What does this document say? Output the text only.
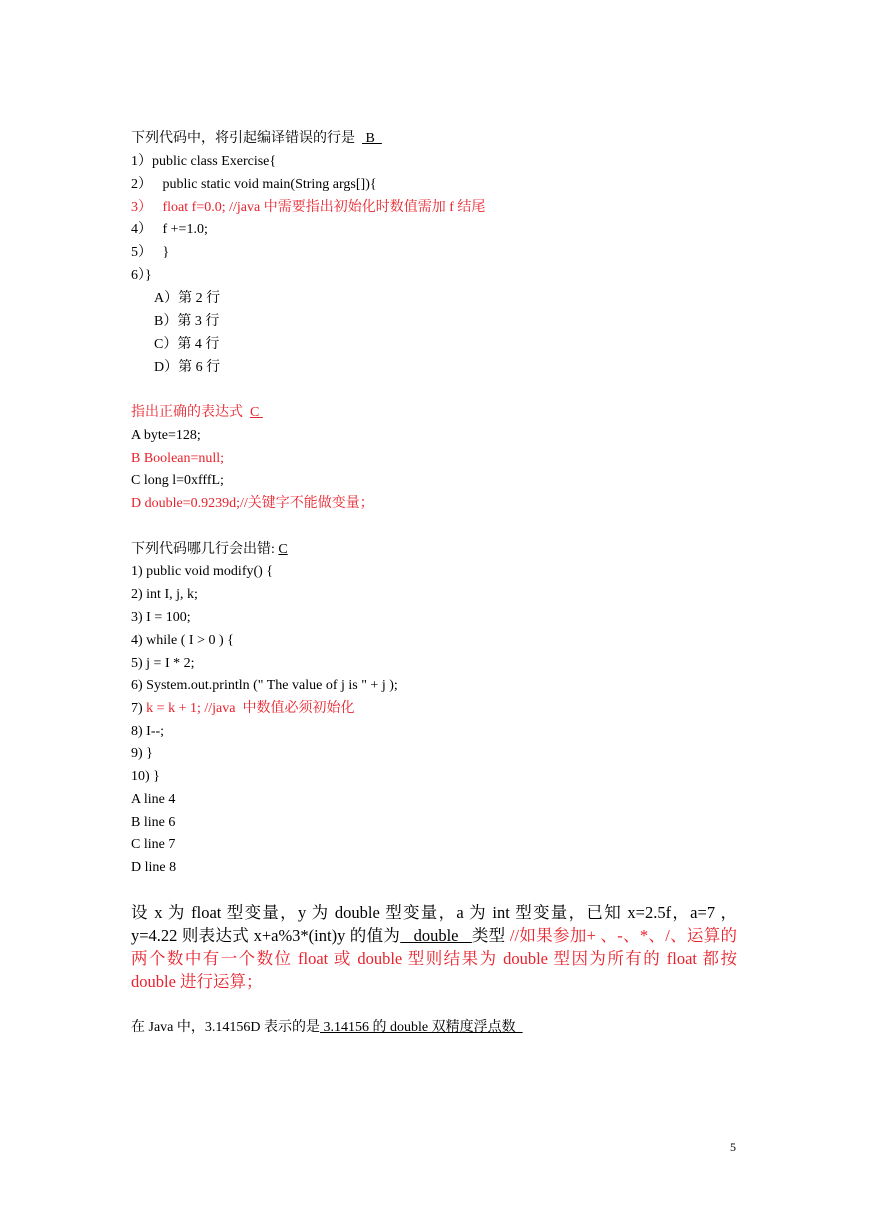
下列代码中，将引起编译错误的行是   B
1）public class Exercise{
2）   public static void main(String args[]){
3）   float f=0.0; //java 中需要指出初始化时数值需加 f 结尾
4）   f +=1.0;
5）   }
6）}
A）第 2 行
B）第 3 行
C）第 4 行
D）第 6 行
指出正确的表达式 C
A byte=128;
B Boolean=null;
C long l=0xfffL;
D double=0.9239d;//关键字不能做变量；
下列代码哪几行会出错: C
1) public void modify() {
2) int I, j, k;
3) I = 100;
4) while ( I > 0 ) {
5) j = I * 2;
6) System.out.println (" The value of j is " + j );
7) k = k + 1; //java  中数值必须初始化
8) I--;
9) }
10) }
A line 4
B line 6
C line 7
D line 8
设 x 为 float 型变量，y 为 double 型变量，a 为 int 型变量，已知 x=2.5f，a=7 ，y=4.22 则表达式 x+a%3*(int)y 的值为 double 类型 //如果参加+ 、-、*、/、运算的两个数中有一个数位 float 或 double 型则结果为 double 型因为所有的 float 都按 double 进行运算；
在 Java 中，3.14156D 表示的是 3.14156 的 double 双精度浮点数
5
